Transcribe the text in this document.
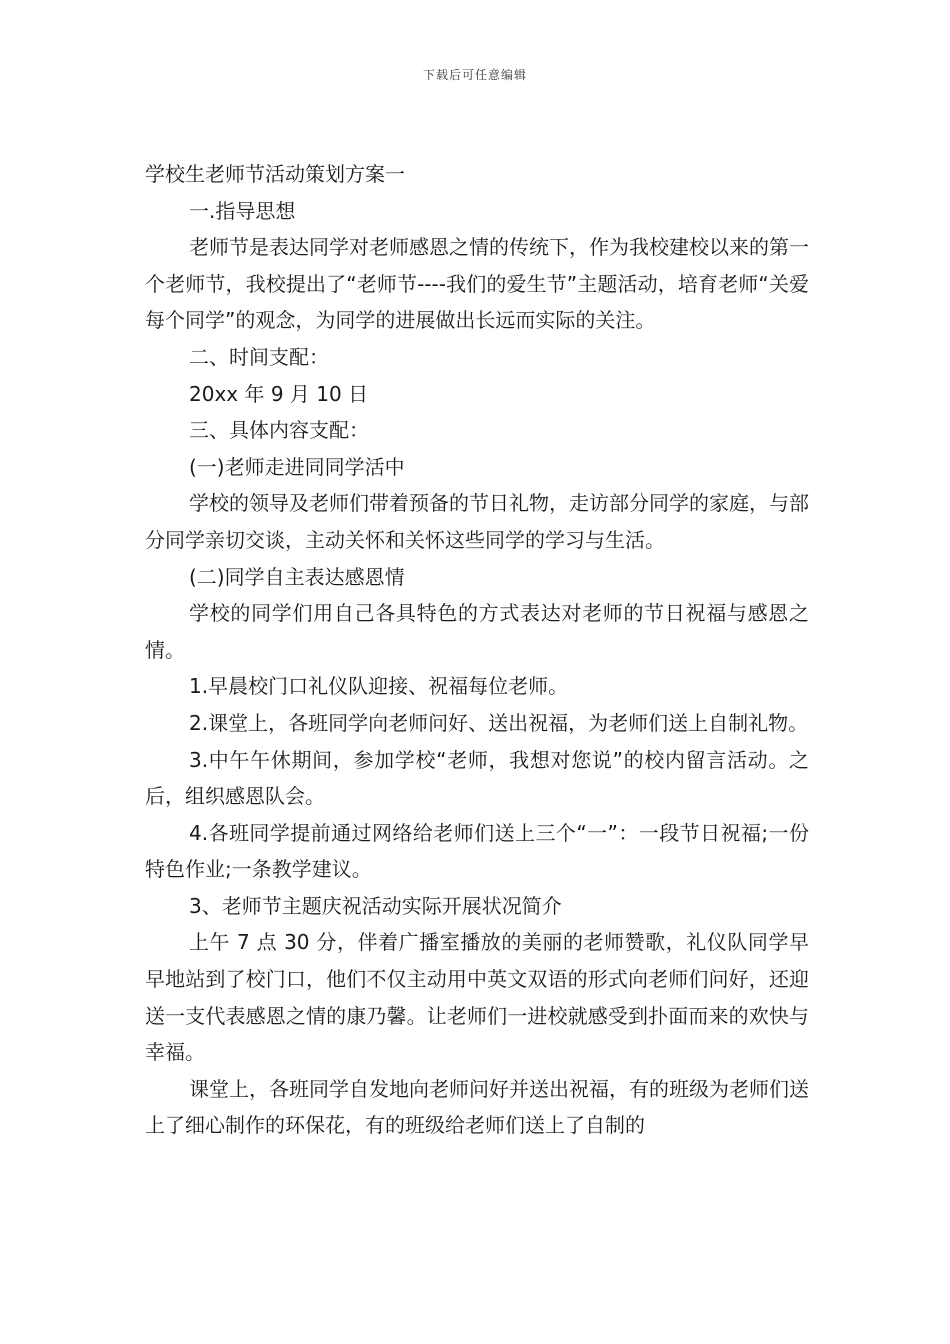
下载后可任意编辑

学校生老师节活动策划方案一

一.指导思想

老师节是表达同学对老师感恩之情的传统下，作为我校建校以来的第一个老师节，我校提出了“老师节----我们的爱生节”主题活动，培育老师“关爱每个同学”的观念，为同学的进展做出长远而实际的关注。

二、时间支配：

20xx 年 9 月 10 日

三、具体内容支配：

(一)老师走进同同学活中

学校的领导及老师们带着预备的节日礼物，走访部分同学的家庭，与部分同学亲切交谈，主动关怀和关怀这些同学的学习与生活。

(二)同学自主表达感恩情

学校的同学们用自己各具特色的方式表达对老师的节日祝福与感恩之情。

1.早晨校门口礼仪队迎接、祝福每位老师。

2.课堂上，各班同学向老师问好、送出祝福，为老师们送上自制礼物。

3.中午午休期间，参加学校“老师，我想对您说”的校内留言活动。之后，组织感恩队会。

4.各班同学提前通过网络给老师们送上三个“一”：一段节日祝福;一份特色作业;一条教学建议。

3、老师节主题庆祝活动实际开展状况简介

上午 7 点 30 分，伴着广播室播放的美丽的老师赞歌，礼仪队同学早早地站到了校门口，他们不仅主动用中英文双语的形式向老师们问好，还迎送一支代表感恩之情的康乃馨。让老师们一进校就感受到扑面而来的欢快与幸福。

课堂上，各班同学自发地向老师问好并送出祝福，有的班级为老师们送上了细心制作的环保花，有的班级给老师们送上了自制的
